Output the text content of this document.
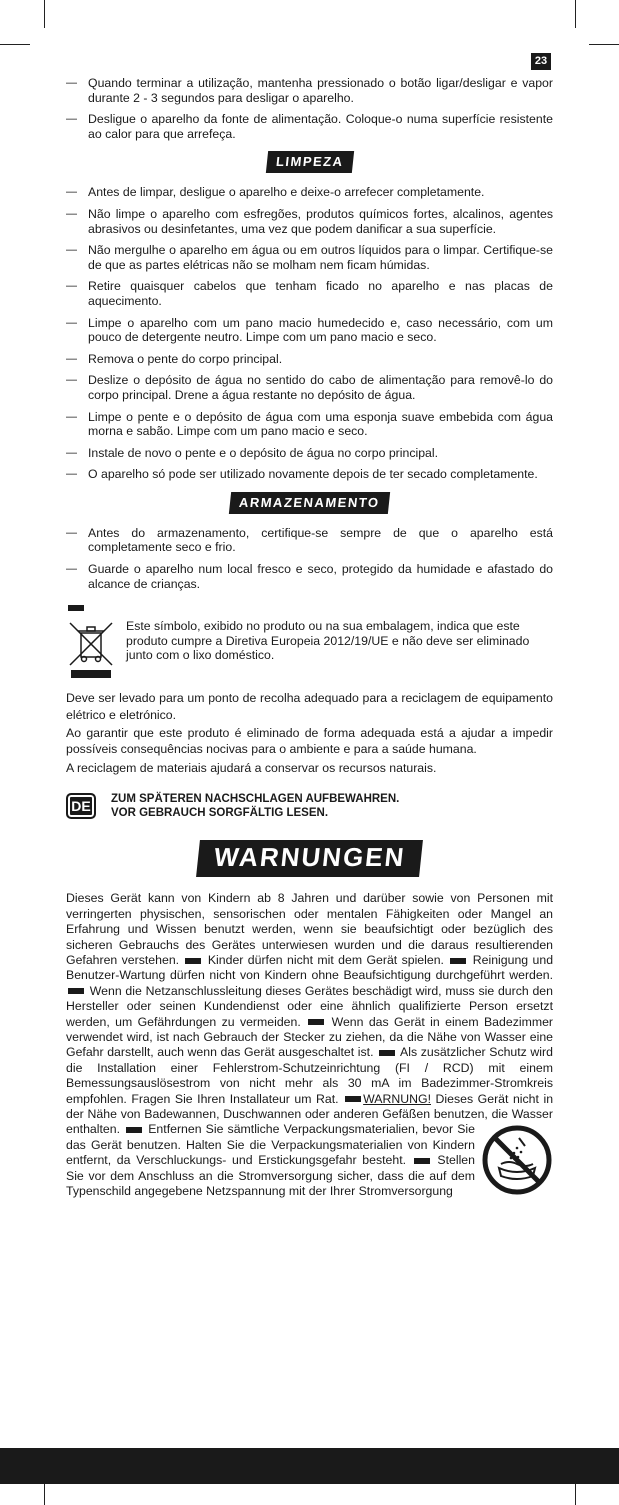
23
— Quando terminar a utilização, mantenha pressionado o botão ligar/desligar e vapor durante 2 - 3 segundos para desligar o aparelho.
— Desligue o aparelho da fonte de alimentação. Coloque-o numa superfície resistente ao calor para que arrefeça.
LIMPEZA
— Antes de limpar, desligue o aparelho e deixe-o arrefecer completamente.
— Não limpe o aparelho com esfregões, produtos químicos fortes, alcalinos, agentes abrasivos ou desinfetantes, uma vez que podem danificar a sua superfície.
— Não mergulhe o aparelho em água ou em outros líquidos para o limpar. Certifique-se de que as partes elétricas não se molham nem ficam húmidas.
— Retire quaisquer cabelos que tenham ficado no aparelho e nas placas de aquecimento.
— Limpe o aparelho com um pano macio humedecido e, caso necessário, com um pouco de detergente neutro. Limpe com um pano macio e seco.
— Remova o pente do corpo principal.
— Deslize o depósito de água no sentido do cabo de alimentação para removê-lo do corpo principal. Drene a água restante no depósito de água.
— Limpe o pente e o depósito de água com uma esponja suave embebida com água morna e sabão. Limpe com um pano macio e seco.
— Instale de novo o pente e o depósito de água no corpo principal.
— O aparelho só pode ser utilizado novamente depois de ter secado completamente.
ARMAZENAMENTO
— Antes do armazenamento, certifique-se sempre de que o aparelho está completamente seco e frio.
— Guarde o aparelho num local fresco e seco, protegido da humidade e afastado do alcance de crianças.
Este símbolo, exibido no produto ou na sua embalagem, indica que este produto cumpre a Diretiva Europeia 2012/19/UE e não deve ser eliminado junto com o lixo doméstico.

Deve ser levado para um ponto de recolha adequado para a reciclagem de equipamento elétrico e eletrónico.

Ao garantir que este produto é eliminado de forma adequada está a ajudar a impedir possíveis consequências nocivas para o ambiente e para a saúde humana.

A reciclagem de materiais ajudará a conservar os recursos naturais.

DE	ZUM SPÄTEREN NACHSCHLAGEN AUFBEWAHREN.
VOR GEBRAUCH SORGFÄLTIG LESEN.
WARNUNGEN
Dieses Gerät kann von Kindern ab 8 Jahren und darüber sowie von Personen mit verringerten physischen, sensorischen oder mentalen Fähigkeiten oder Mangel an Erfahrung und Wissen benutzt werden, wenn sie beaufsichtigt oder bezüglich des sicheren Gebrauchs des Gerätes unterwiesen wurden und die daraus resultierenden Gefahren verstehen. Kinder dürfen nicht mit dem Gerät spielen. Reinigung und Benutzer-Wartung dürfen nicht von Kindern ohne Beaufsichtigung durchgeführt werden.  Wenn die Netzanschlussleitung dieses Gerätes beschädigt wird, muss sie durch den Hersteller oder seinen Kundendienst oder eine ähnlich qualifizierte Person ersetzt werden, um Gefährdungen zu vermeiden.	Wenn das Gerät in einem Badezimmer verwendet wird, ist nach Gebrauch der Stecker zu ziehen, da die Nähe von Wasser eine Gefahr darstellt, auch wenn das Gerät ausgeschaltet ist. Als zusätzlicher Schutz wird die Installation einer Fehlerstrom-Schutzeinrichtung (FI / RCD) mit einem Bemessungsauslösestrom von nicht mehr als 30 mA im Badezimmer-Stromkreis empfohlen. Fragen Sie Ihren Installateur um Rat. WARNUNG! Dieses Gerät nicht in der Nähe von Badewannen, Duschwannen oder anderen Gefäßen benutzen, die Wasser enthalten. Entfernen Sie sämtliche Verpackungsmaterialien, bevor Sie das Gerät benutzen. Halten Sie die Verpackungsmaterialien von Kindern entfernt, da Verschluckungs- und Erstickungsgefahr besteht.	Stellen Sie vor dem Anschluss an die Stromversorgung sicher, dass die auf dem Typenschild angegebene Netzspannung mit der Ihrer Stromversorgung
